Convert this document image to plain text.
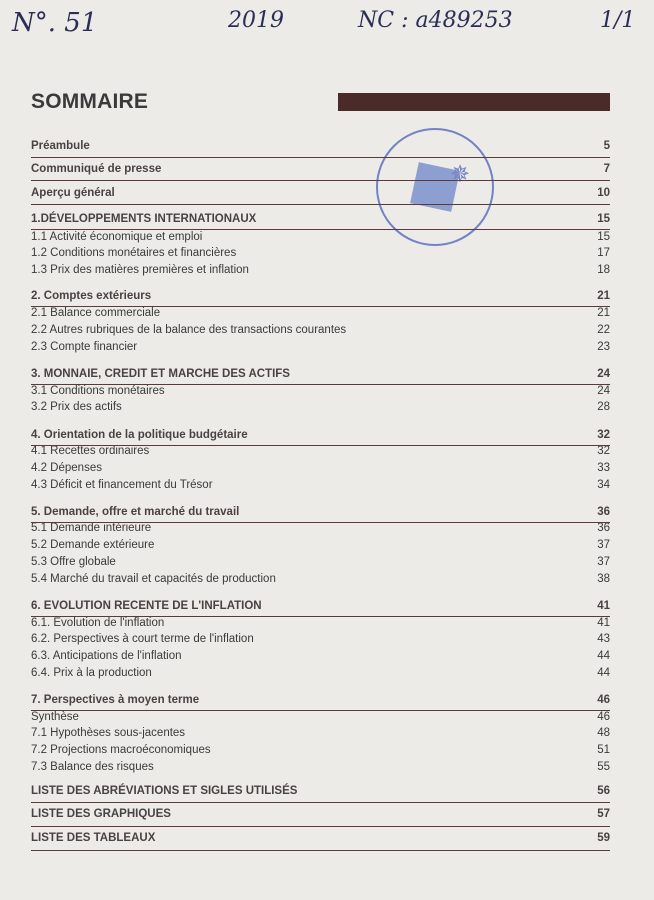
N°. 51	2019	NC : a489253	1/1
SOMMAIRE
✵
Préambule	5
Communiqué de presse	7
Aperçu général	10
1.DÉVELOPPEMENTS INTERNATIONAUX	15
1.1 Activité économique et emploi	15
1.2 Conditions monétaires et financières	17
1.3 Prix des matières premières et inflation	18
2. Comptes extérieurs	21
2.1 Balance commerciale	21
2.2 Autres rubriques de la balance des transactions courantes	22
2.3 Compte financier	23
3. MONNAIE, CREDIT ET MARCHE DES ACTIFS	24
3.1 Conditions monétaires	24
3.2 Prix des actifs	28
4. Orientation de la politique budgétaire	32
4.1 Recettes ordinaires	32
4.2 Dépenses	33
4.3 Déficit et financement du Trésor	34
5. Demande, offre et marché du travail	36
5.1 Demande intérieure	36
5.2 Demande extérieure	37
5.3 Offre globale	37
5.4 Marché du travail et capacités de production	38
6. EVOLUTION RECENTE DE L'INFLATION	41
6.1. Evolution de l'inflation	41
6.2. Perspectives à court terme de l'inflation	43
6.3. Anticipations de l'inflation	44
6.4. Prix à la production	44
7. Perspectives à moyen terme	46
Synthèse	46
7.1 Hypothèses sous-jacentes	48
7.2 Projections macroéconomiques	51
7.3 Balance des risques	55
LISTE DES ABRÉVIATIONS ET SIGLES UTILISÉS	56
LISTE DES GRAPHIQUES	57
LISTE DES TABLEAUX	59
